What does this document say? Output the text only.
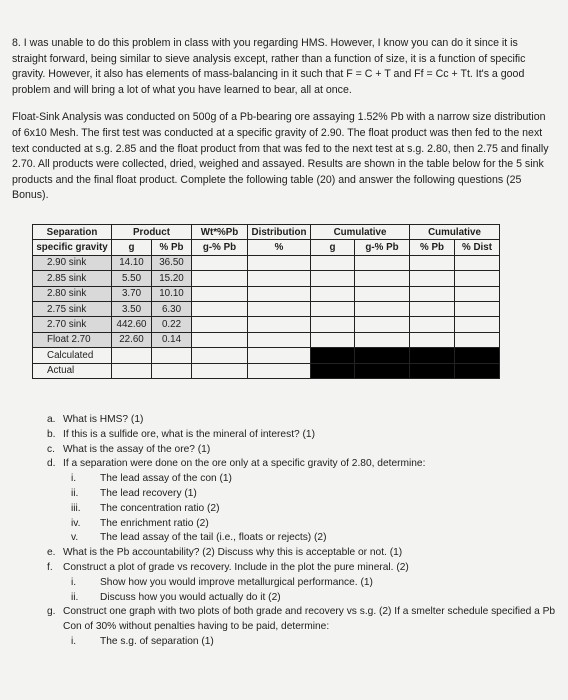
8. I was unable to do this problem in class with you regarding HMS. However, I know you can do it since it is straight forward, being similar to sieve analysis except, rather than a function of size, it is a function of specific gravity. However, it also has elements of mass-balancing in it such that F = C + T and Ff = Cc + Tt. It's a good problem and will bring a lot of what you have learned to bear, all at once.

Float-Sink Analysis was conducted on 500g of a Pb-bearing ore assaying 1.52% Pb with a narrow size distribution of 6x10 Mesh. The first test was conducted at a specific gravity of 2.90. The float product was then fed to the next text conducted at s.g. 2.85 and the float product from that was fed to the next test at s.g. 2.80, then 2.75 and finally 2.70. All products were collected, dried, weighed and assayed. Results are shown in the table below for the 5 sink products and the final float product. Complete the following table (20) and answer the following questions (25 Bonus).

Separation	Product		Wt*%Pb	Distribution	Cumulative		Cumulative	
specific gravity	g	% Pb	g-% Pb	%	g	g-% Pb	% Pb	% Dist
2.90 sink	14.10	36.50						
2.85 sink	5.50	15.20						
2.80 sink	3.70	10.10						
2.75 sink	3.50	6.30						
2.70 sink	442.60	0.22						
Float 2.70	22.60	0.14						
Calculated								
Actual								
a. What is HMS? (1)
b. If this is a sulfide ore, what is the mineral of interest? (1)
c. What is the assay of the ore? (1)
d. If a separation were done on the ore only at a specific gravity of 2.80, determine:
i. The lead assay of the con (1)
ii. The lead recovery (1)
iii. The concentration ratio (2)
iv. The enrichment ratio (2)
v. The lead assay of the tail (i.e., floats or rejects) (2)
e. What is the Pb accountability? (2) Discuss why this is acceptable or not. (1)
f. Construct a plot of grade vs recovery. Include in the plot the pure mineral. (2)
i. Show how you would improve metallurgical performance. (1)
ii. Discuss how you would actually do it (2)
g. Construct one graph with two plots of both grade and recovery vs s.g. (2) If a smelter schedule specified a Pb Con of 30% without penalties having to be paid, determine:
i. The s.g. of separation (1)
